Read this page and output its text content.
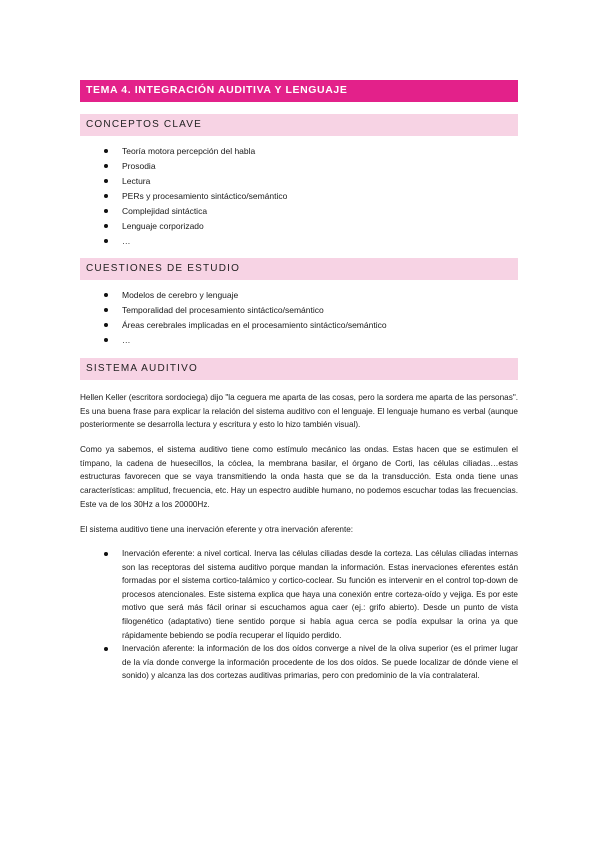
TEMA 4. INTEGRACIÓN AUDITIVA Y LENGUAJE
CONCEPTOS CLAVE
Teoría motora percepción del habla
Prosodia
Lectura
PERs y procesamiento sintáctico/semántico
Complejidad sintáctica
Lenguaje corporizado
…
CUESTIONES DE ESTUDIO
Modelos de cerebro y lenguaje
Temporalidad del procesamiento sintáctico/semántico
Áreas cerebrales implicadas en el procesamiento sintáctico/semántico
…
SISTEMA AUDITIVO

Hellen Keller (escritora sordociega) dijo "la ceguera me aparta de las cosas, pero la sordera me aparta de las personas". Es una buena frase para explicar la relación del sistema auditivo con el lenguaje. El lenguaje humano es verbal (aunque posteriormente se desarrolla lectura y escritura y esto lo hizo también visual).

Como ya sabemos, el sistema auditivo tiene como estímulo mecánico las ondas. Estas hacen que se estimulen el tímpano, la cadena de huesecillos, la cóclea, la membrana basilar, el órgano de Corti, las células ciliadas…estas estructuras favorecen que se vaya transmitiendo la onda hasta que se da la transducción. Esta onda tiene unas características: amplitud, frecuencia, etc. Hay un espectro audible humano, no podemos escuchar todas las frecuencias. Este va de los 30Hz a los 20000Hz.

El sistema auditivo tiene una inervación eferente y otra inervación aferente:

Inervación eferente: a nivel cortical. Inerva las células ciliadas desde la corteza. Las células ciliadas internas son las receptoras del sistema auditivo porque mandan la información. Estas inervaciones eferentes están formadas por el sistema cortico-talámico y cortico-coclear. Su función es intervenir en el control top-down de procesos atencionales. Este sistema explica que haya una conexión entre corteza-oído y vejiga. Es por este motivo que será más fácil orinar si escuchamos agua caer (ej.: grifo abierto). Desde un punto de vista filogenético (adaptativo) tiene sentido porque si había agua cerca se podía expulsar la orina ya que rápidamente bebiendo se podía recuperar el líquido perdido.
Inervación aferente: la información de los dos oídos converge a nivel de la oliva superior (es el primer lugar de la vía donde converge la información procedente de los dos oídos. Se puede localizar de dónde viene el sonido) y alcanza las dos cortezas auditivas primarias, pero con predominio de la vía contralateral.
